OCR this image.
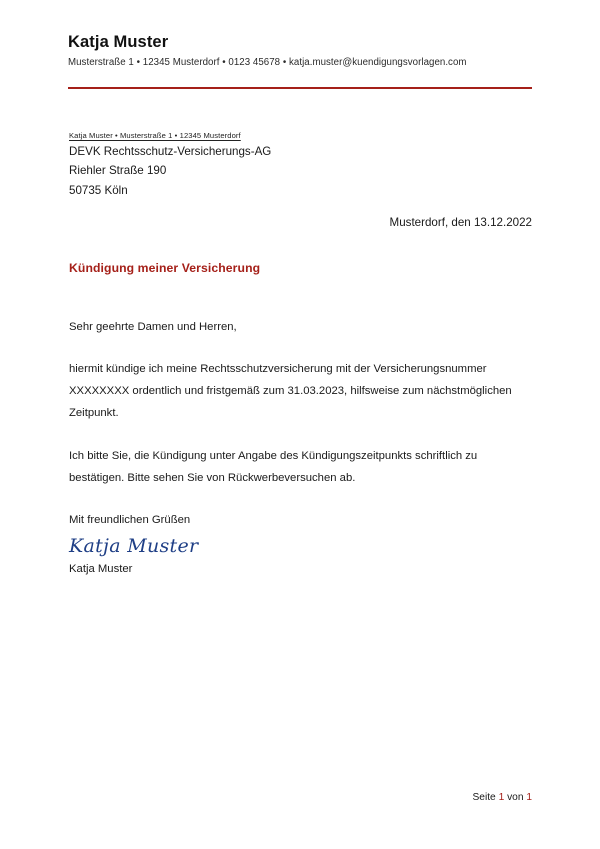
Katja Muster
Musterstraße 1 • 12345 Musterdorf • 0123 45678 • katja.muster@kuendigungsvorlagen.com
Katja Muster • Musterstraße 1 • 12345 Musterdorf
DEVK Rechtsschutz-Versicherungs-AG
Riehler Straße 190
50735 Köln
Musterdorf, den 13.12.2022
Kündigung meiner Versicherung

Sehr geehrte Damen und Herren,

hiermit kündige ich meine Rechtsschutzversicherung mit der Versicherungsnummer XXXXXXXX ordentlich und fristgemäß zum 31.03.2023, hilfsweise zum nächstmöglichen Zeitpunkt.

Ich bitte Sie, die Kündigung unter Angabe des Kündigungszeitpunkts schriftlich zu bestätigen. Bitte sehen Sie von Rückwerbeversuchen ab.

Mit freundlichen Grüßen
Katja Muster
Katja Muster
Seite 1 von 1
